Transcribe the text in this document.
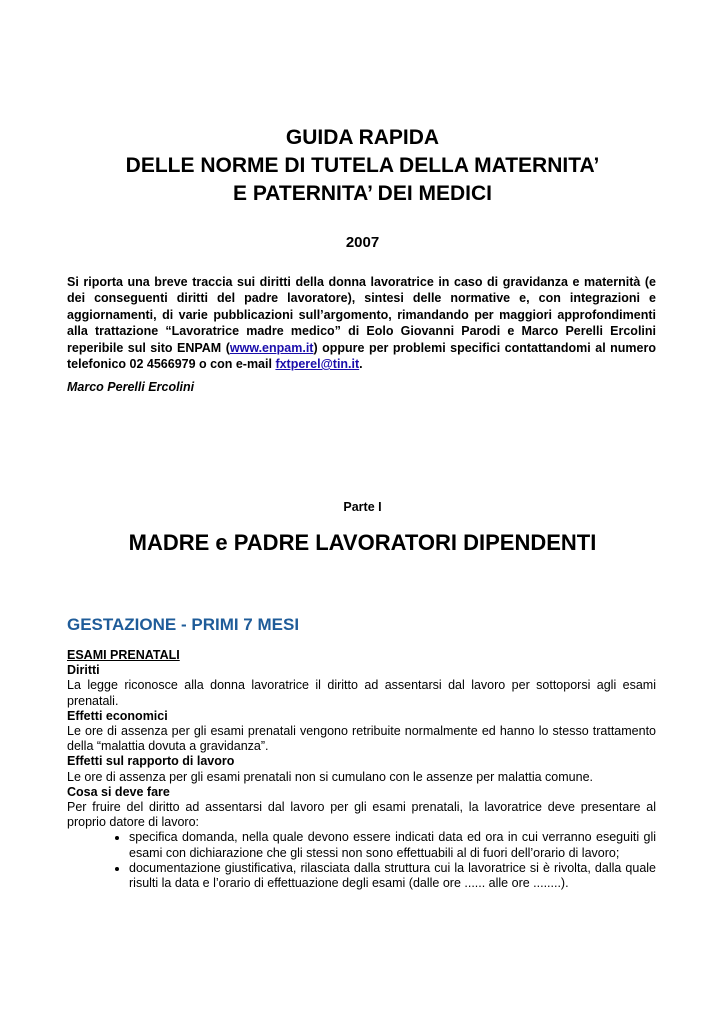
GUIDA RAPIDA
DELLE NORME DI TUTELA DELLA MATERNITA’
E PATERNITA’ DEI MEDICI
2007
Si riporta una breve traccia sui diritti della donna lavoratrice in caso di gravidanza e maternità (e dei conseguenti diritti del padre lavoratore), sintesi delle normative e, con integrazioni e aggiornamenti, di varie pubblicazioni sull’argomento, rimandando per maggiori approfondimenti alla trattazione “Lavoratrice madre medico” di Eolo Giovanni Parodi e Marco Perelli Ercolini reperibile sul sito ENPAM (www.enpam.it) oppure per problemi specifici contattandomi al numero telefonico 02 4566979 o con e-mail fxtperel@tin.it.
Marco Perelli Ercolini
Parte I
MADRE e PADRE LAVORATORI DIPENDENTI
GESTAZIONE - PRIMI 7 MESI
ESAMI PRENATALI
Diritti
La legge riconosce alla donna lavoratrice il diritto ad assentarsi dal lavoro per sottoporsi agli esami prenatali.
Effetti economici
Le ore di assenza per gli esami prenatali vengono retribuite normalmente ed hanno lo stesso trattamento della “malattia dovuta a gravidanza”.
Effetti sul rapporto di lavoro
Le ore di assenza per gli esami prenatali non si cumulano con le assenze per malattia comune.
Cosa si deve fare
Per fruire del diritto ad assentarsi dal lavoro per gli esami prenatali, la lavoratrice deve presentare al proprio datore di lavoro:
• specifica domanda, nella quale devono essere indicati data ed ora in cui verranno eseguiti gli esami con dichiarazione che gli stessi non sono effettuabili al di fuori dell’orario di lavoro;
• documentazione giustificativa, rilasciata dalla struttura cui la lavoratrice si è rivolta, dalla quale risulti la data e l’orario di effettuazione degli esami (dalle ore ...... alle ore ........).
